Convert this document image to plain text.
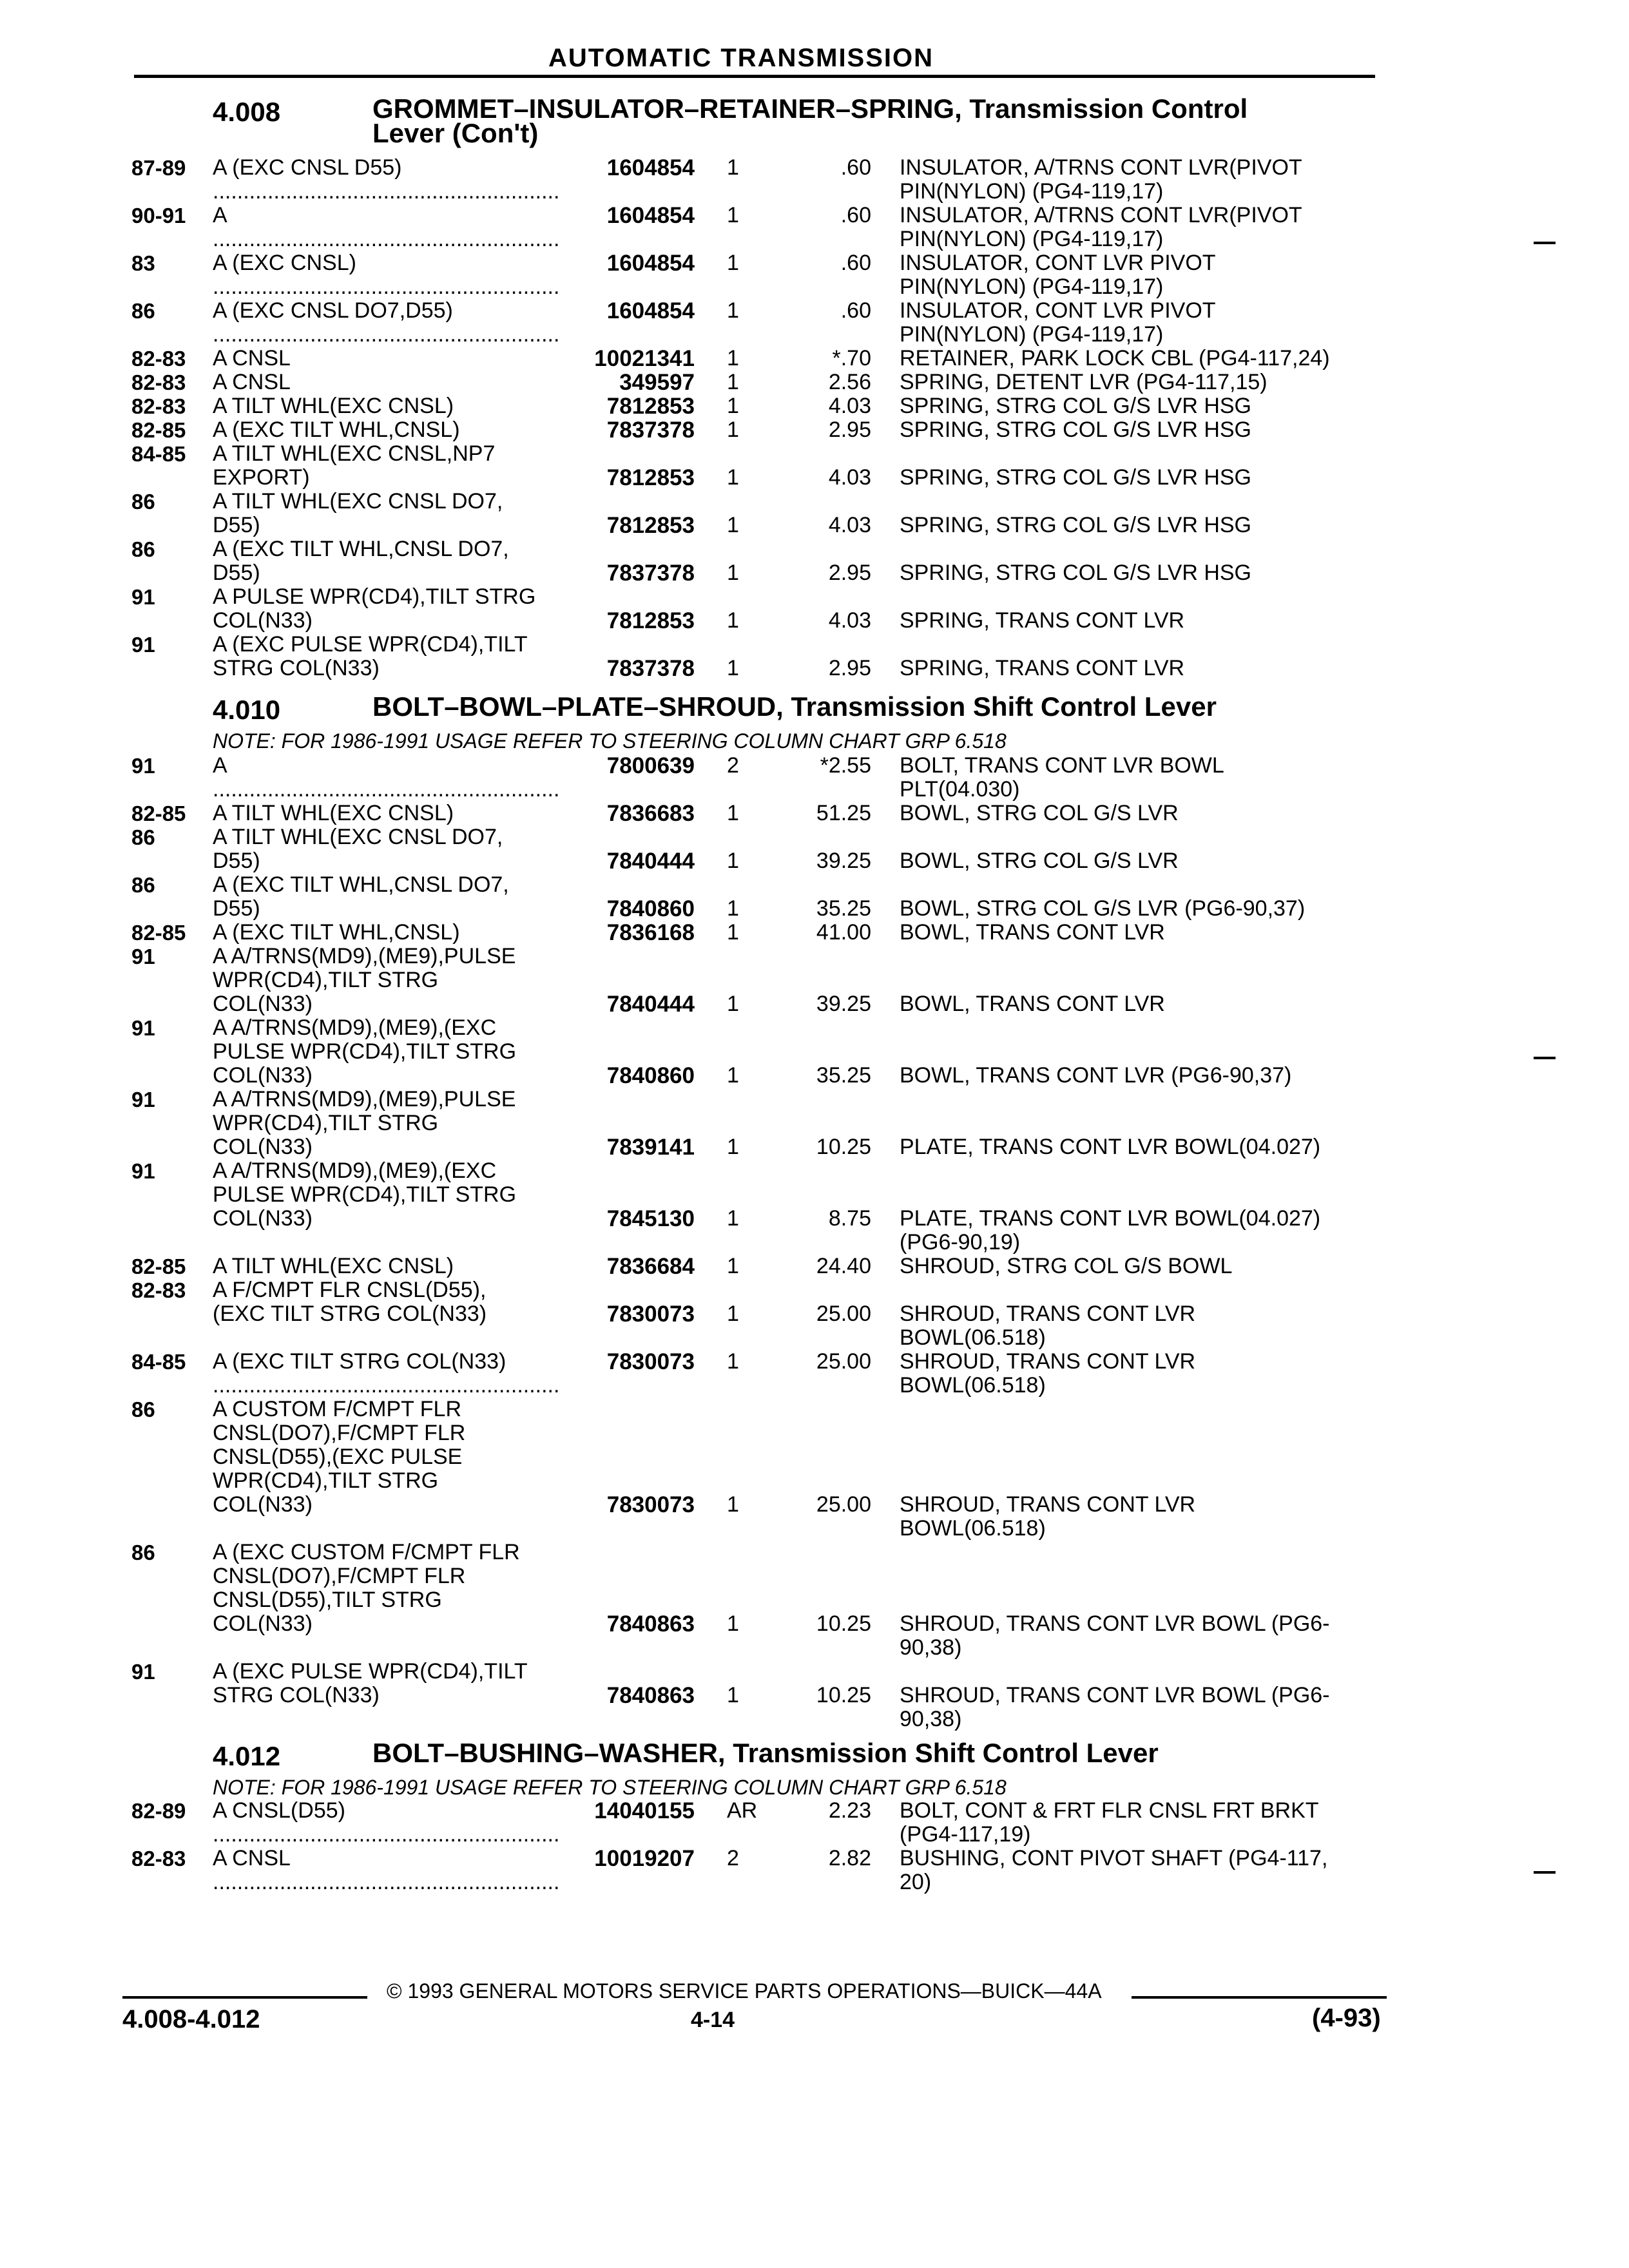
AUTOMATIC TRANSMISSION
4.008	GROMMET–INSULATOR–RETAINER–SPRING, Transmission Control
Lever (Con't)
87-89 A (EXC CNSL D55) .....	1604854 1	.60 INSULATOR, A/TRNS CONT LVR(PIVOT
PIN(NYLON) (PG4-119,17) .....
90-91 A .....	1604854 1	.60 INSULATOR, A/TRNS CONT LVR(PIVOT
PIN(NYLON) (PG4-119,17) .....
83	A (EXC CNSL) .....	1604854 1	.60 INSULATOR, CONT LVR PIVOT
PIN(NYLON) (PG4-119,17) .....
86	A (EXC CNSL DO7,D55) .....	1604854 1	.60 INSULATOR, CONT LVR PIVOT
PIN(NYLON) (PG4-119,17) .....
82-83 A CNSL .....	10021341 1	*.70 RETAINER, PARK LOCK CBL (PG4-117,24) .....
82-83 A CNSL .....	349597 1	2.56 SPRING, DETENT LVR (PG4-117,15) .....
82-83 A TILT WHL(EXC CNSL) .....	7812853 1	4.03 SPRING, STRG COL G/S LVR HSG .....
82-85 A (EXC TILT WHL,CNSL) .....	7837378 1	2.95 SPRING, STRG COL G/S LVR HSG .....
84-85 A TILT WHL(EXC CNSL,NP7
EXPORT) .....	7812853 1	4.03 SPRING, STRG COL G/S LVR HSG .....
86	A TILT WHL(EXC CNSL DO7,
D55) .....	7812853 1	4.03 SPRING, STRG COL G/S LVR HSG .....
86	A (EXC TILT WHL,CNSL DO7,
D55) .....	7837378 1	2.95 SPRING, STRG COL G/S LVR HSG .....
91	A PULSE WPR(CD4),TILT STRG
COL(N33) .....	7812853 1	4.03 SPRING, TRANS CONT LVR .....
91	A (EXC PULSE WPR(CD4),TILT
STRG COL(N33) .....	7837378 1	2.95 SPRING, TRANS CONT LVR .....
4.010	BOLT–BOWL–PLATE–SHROUD, Transmission Shift Control Lever
NOTE: FOR 1986-1991 USAGE REFER TO STEERING COLUMN CHART GRP 6.518
91	A .....	7800639 2	*2.55 BOLT, TRANS CONT LVR BOWL
PLT(04.030) .....
82-85 A TILT WHL(EXC CNSL) .....	7836683 1	51.25 BOWL, STRG COL G/S LVR .....
86	A TILT WHL(EXC CNSL DO7,
D55) .....	7840444 1	39.25 BOWL, STRG COL G/S LVR .....
86	A (EXC TILT WHL,CNSL DO7,
D55) .....	7840860 1	35.25 BOWL, STRG COL G/S LVR (PG6-90,37) .....
82-85 A (EXC TILT WHL,CNSL) .....	7836168 1	41.00 BOWL, TRANS CONT LVR .....
91	A A/TRNS(MD9),(ME9),PULSE
WPR(CD4),TILT STRG
COL(N33) .....	7840444 1	39.25 BOWL, TRANS CONT LVR .....
91	A A/TRNS(MD9),(ME9),(EXC
PULSE WPR(CD4),TILT STRG
COL(N33) .....	7840860 1	35.25 BOWL, TRANS CONT LVR (PG6-90,37) .....
91	A A/TRNS(MD9),(ME9),PULSE
WPR(CD4),TILT STRG
COL(N33) .....	7839141 1	10.25 PLATE, TRANS CONT LVR BOWL(04.027) .....
91	A A/TRNS(MD9),(ME9),(EXC
PULSE WPR(CD4),TILT STRG
COL(N33) .....	7845130 1	8.75 PLATE, TRANS CONT LVR BOWL(04.027)
(PG6-90,19) .....
82-85 A TILT WHL(EXC CNSL) .....	7836684 1	24.40 SHROUD, STRG COL G/S BOWL .....
82-83 A F/CMPT FLR CNSL(D55),
(EXC TILT STRG COL(N33) .....	7830073 1	25.00 SHROUD, TRANS CONT LVR
BOWL(06.518) .....
84-85 A (EXC TILT STRG COL(N33) .....	7830073 1	25.00 SHROUD, TRANS CONT LVR
BOWL(06.518) .....
86	A CUSTOM F/CMPT FLR
CNSL(DO7),F/CMPT FLR
CNSL(D55),(EXC PULSE
WPR(CD4),TILT STRG
COL(N33) .....	7830073 1	25.00 SHROUD, TRANS CONT LVR
BOWL(06.518) .....
86	A (EXC CUSTOM F/CMPT FLR
CNSL(DO7),F/CMPT FLR
CNSL(D55),TILT STRG
COL(N33) .....	7840863 1	10.25 SHROUD, TRANS CONT LVR BOWL (PG6-
90,38) .....
91	A (EXC PULSE WPR(CD4),TILT
STRG COL(N33) .....	7840863 1	10.25 SHROUD, TRANS CONT LVR BOWL (PG6-
90,38) .....
4.012	BOLT–BUSHING–WASHER, Transmission Shift Control Lever
NOTE: FOR 1986-1991 USAGE REFER TO STEERING COLUMN CHART GRP 6.518
82-89 A CNSL(D55) .....	14040155 AR	2.23 BOLT, CONT & FRT FLR CNSL FRT BRKT
(PG4-117,19) .....
82-83 A CNSL .....	10019207 2	2.82 BUSHING, CONT PIVOT SHAFT (PG4-117,
20) .....
© 1993 GENERAL MOTORS SERVICE PARTS OPERATIONS—BUICK—44A
4.008-4.012	4-14	(4-93)
